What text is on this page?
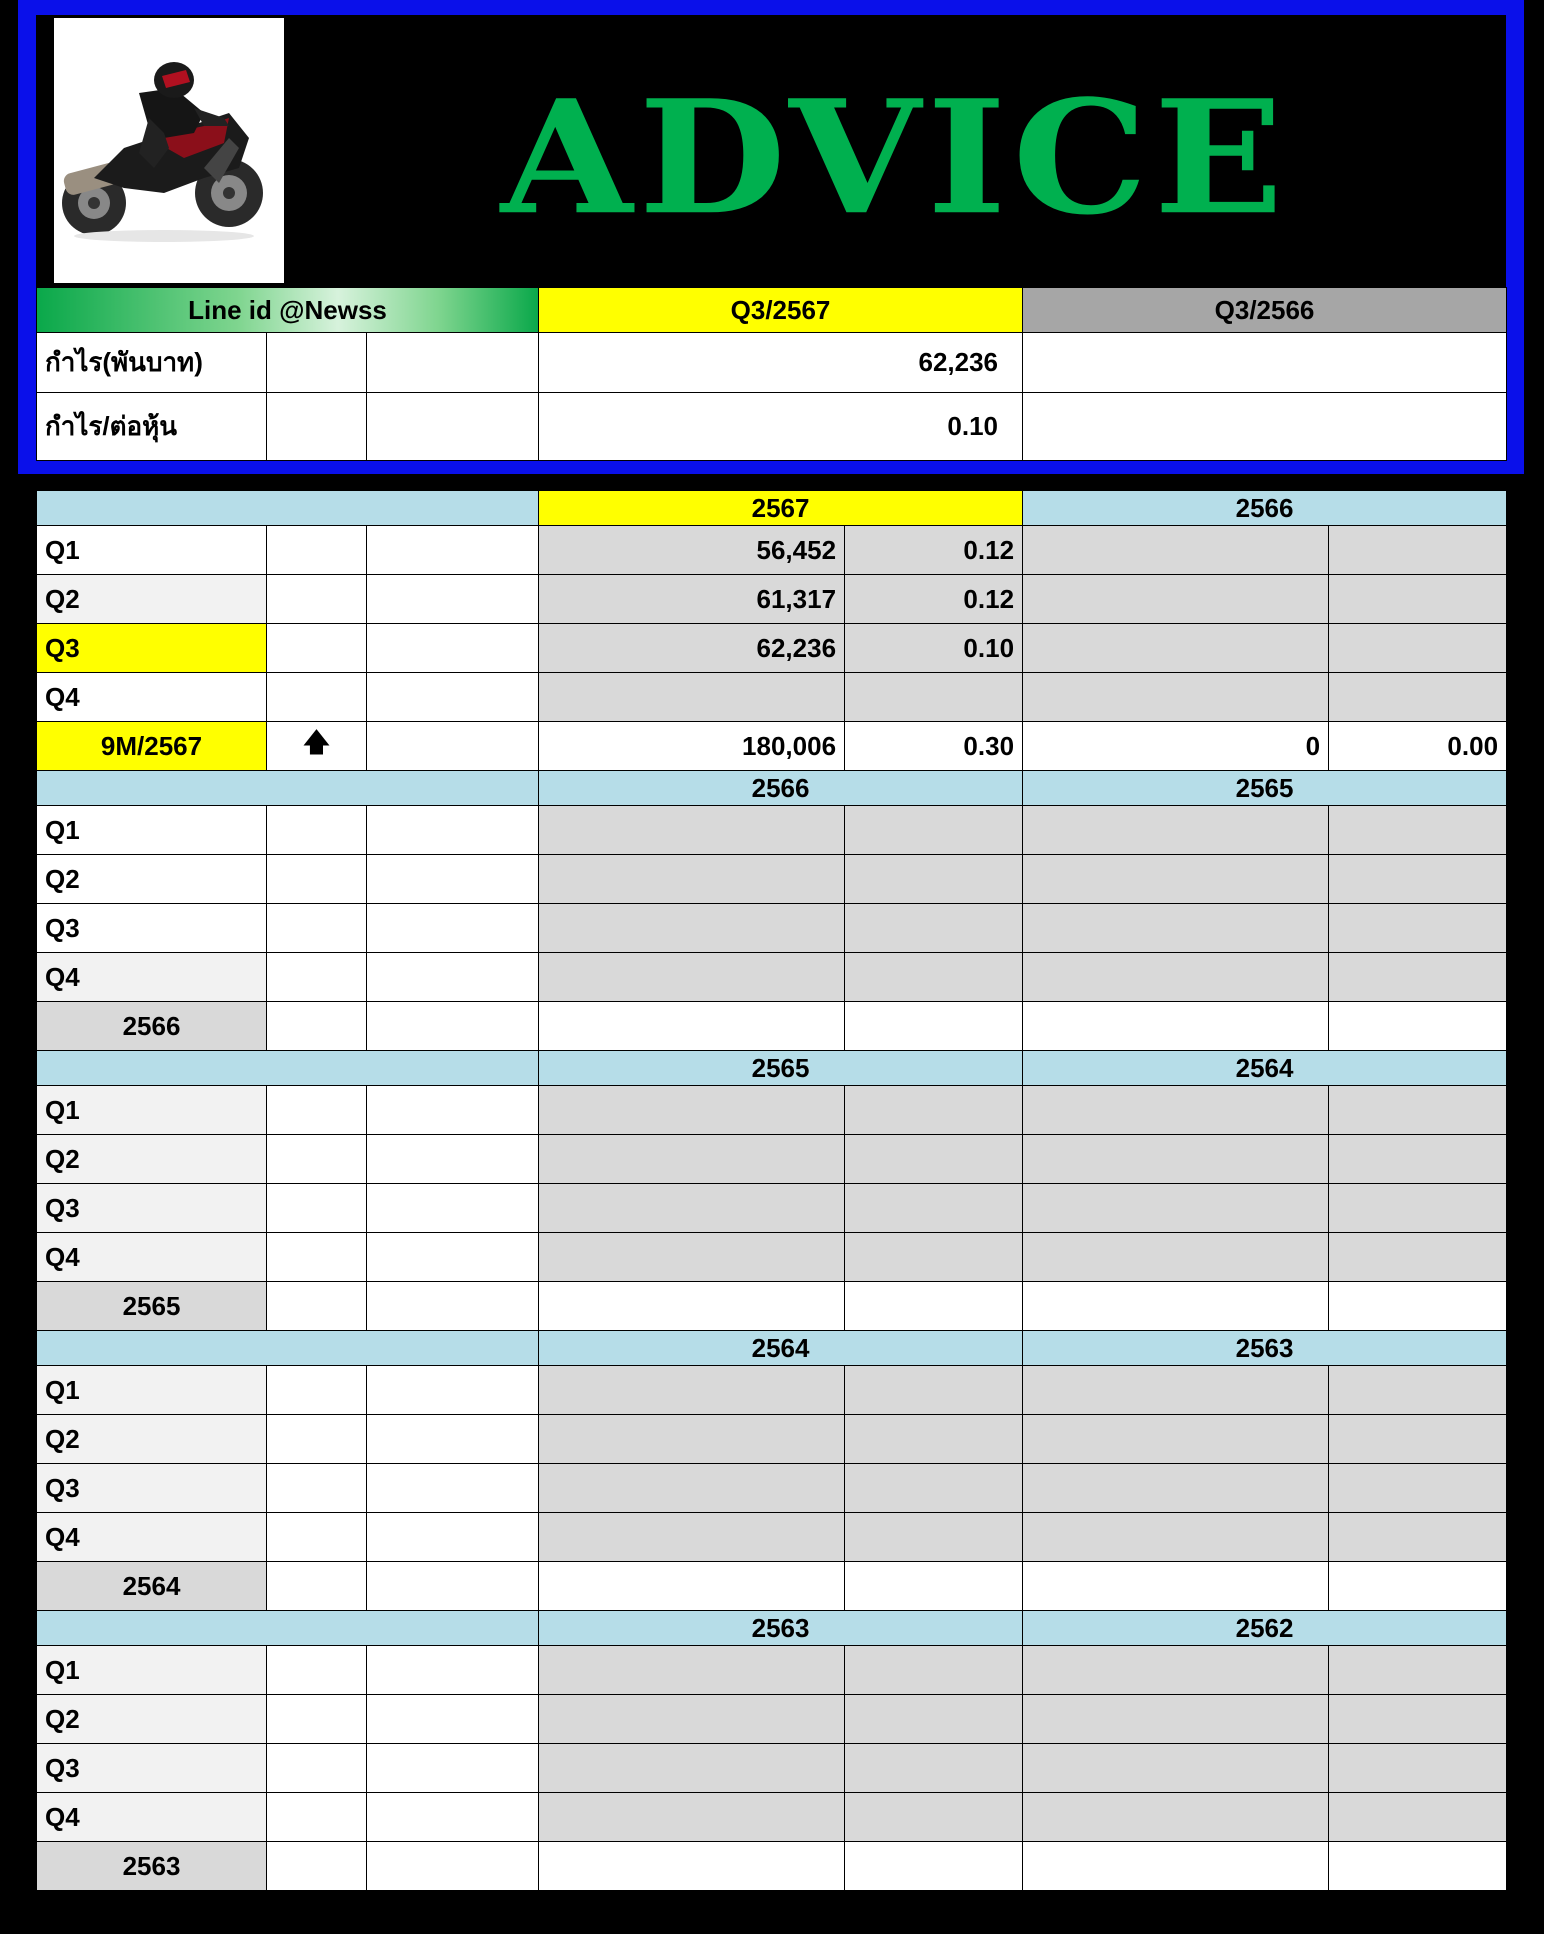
ADVICE
Line id @Newss			Q3/2567	Q3/2566
กำไร(พันบาท)			62,236	
กำไร/ต่อหุ้น			0.10	
			2567		2566	
Q1			56,452	0.12		
Q2			61,317	0.12		
Q3			62,236	0.10		
Q4						
9M/2567	🡅		180,006	0.30	0	0.00
			2566		2565	
Q1						
Q2						
Q3						
Q4						
2566						
			2565		2564	
Q1						
Q2						
Q3						
Q4						
2565						
			2564		2563	
Q1						
Q2						
Q3						
Q4						
2564						
			2563		2562	
Q1						
Q2						
Q3						
Q4						
2563						
